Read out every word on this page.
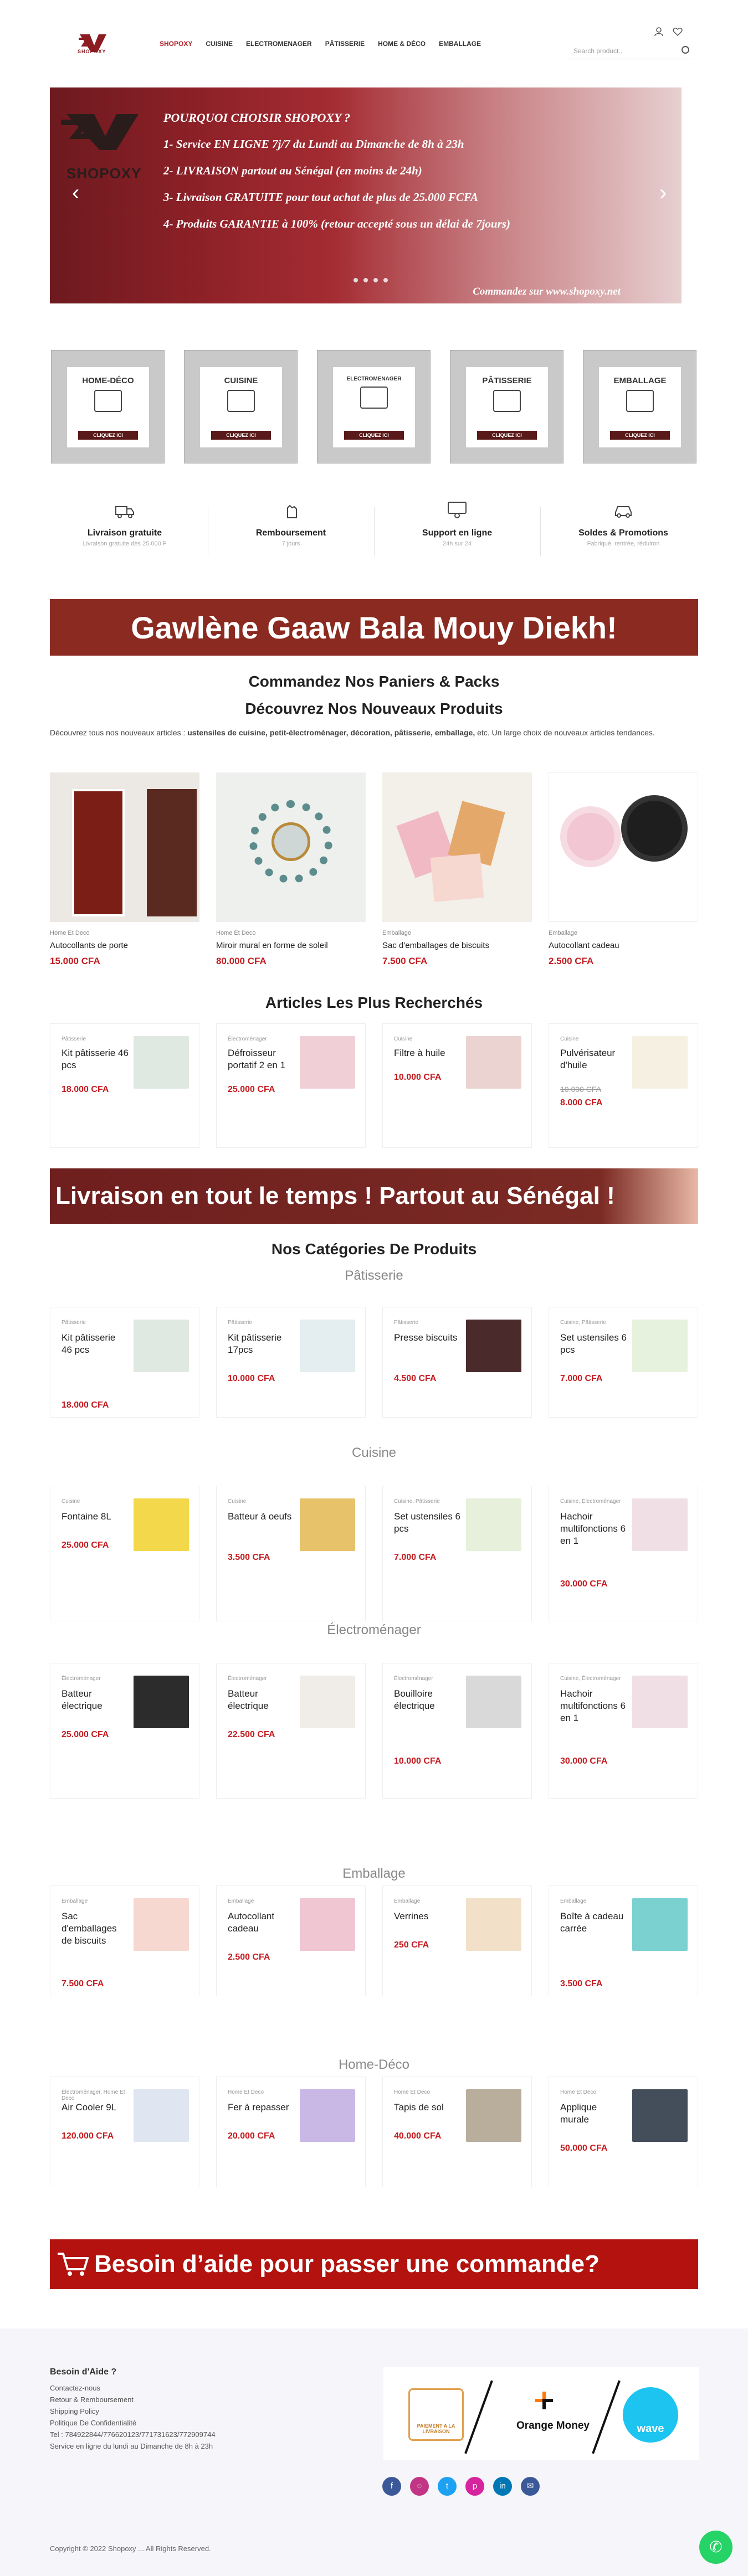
SHOPOXY
SHOPOXY CUISINE ELECTROMENAGER PÂTISSERIE HOME & DÉCO EMBALLAGE
Search product..
SHOPOXY
POURQUOI CHOISIR SHOPOXY ?
1- Service EN LIGNE 7j/7 du Lundi au Dimanche de 8h à 23h
2- LIVRAISON partout au Sénégal (en moins de 24h)
3- Livraison GRATUITE pour tout achat de plus de 25.000 FCFA
4- Produits GARANTIE à 100% (retour accepté sous un délai de 7jours)
‹	›
Commandez sur www.shopoxy.net
HOME-DÉCO
CLIQUEZ ICI
CUISINE
CLIQUEZ ICI
ELECTROMENAGER
CLIQUEZ ICI
PÂTISSERIE
CLIQUEZ ICI
EMBALLAGE
CLIQUEZ ICI
Livraison gratuite
Livraison gratuite dès 25.000 F
Remboursement
7 jours
Support en ligne
24h sur 24
Soldes & Promotions
Fabriqué, rentrée, réduiron
Gawlène Gaaw Bala Mouy Diekh!
Commandez Nos Paniers & Packs
Découvrez Nos Nouveaux Produits
Découvrez tous nos nouveaux articles : ustensiles de cuisine, petit-électroménager, décoration, pâtisserie, emballage, etc. Un large choix de nouveaux articles tendances.
Home Et Deco
Autocollants de porte
15.000 CFA
Home Et Deco
Miroir mural en forme de soleil
80.000 CFA
Emballage
Sac d'emballages de biscuits
7.500 CFA
Emballage
Autocollant cadeau
2.500 CFA
Articles Les Plus Recherchés
Pâtisserie
Kit pâtisserie 46 pcs
18.000 CFA
Électroménager
Défroisseur portatif 2 en 1
25.000 CFA
Cuisine
Filtre à huile
10.000 CFA
Cuisine
Pulvérisateur d'huile
10.000 CFA
8.000 CFA
Livraison en tout le temps ! Partout au Sénégal !
Nos Catégories De Produits
Pâtisserie
Pâtisserie
Kit pâtisserie 46 pcs
18.000 CFA
Pâtisserie
Kit pâtisserie 17pcs
10.000 CFA
Pâtisserie
Presse biscuits
4.500 CFA
Cuisine, Pâtisserie
Set ustensiles 6 pcs
7.000 CFA
Cuisine
Cuisine
Fontaine 8L
25.000 CFA
Cuisine
Batteur à oeufs
3.500 CFA
Cuisine, Pâtisserie
Set ustensiles 6 pcs
7.000 CFA
Cuisine, Électroménager
Hachoir multifonctions 6 en 1
30.000 CFA
Électroménager
Électroménager
Batteur électrique
25.000 CFA
Électroménager
Batteur électrique
22.500 CFA
Électroménager
Bouilloire électrique
10.000 CFA
Cuisine, Électroménager
Hachoir multifonctions 6 en 1
30.000 CFA
Emballage
Emballage
Sac d'emballages de biscuits
7.500 CFA
Emballage
Autocollant cadeau
2.500 CFA
Emballage
Verrines
250 CFA
Emballage
Boîte à cadeau carrée
3.500 CFA
Home-Déco
Électroménager, Home Et Deco
Air Cooler 9L
120.000 CFA
Home Et Deco
Fer à repasser
20.000 CFA
Home Et Deco
Tapis de sol
40.000 CFA
Home Et Deco
Applique murale
50.000 CFA
Besoin d’aide pour passer une commande?
Besoin d'Aide ?
Contactez-nous
Retour & Remboursement
Shipping Policy
Politique De Confidentialité
Tel : 784922844/776620123/771731623/772909744
Service en ligne du lundi au Dimanche de 8h à 23h
PAIEMENT A LA LIVRAISON	Orange Money	wave
f	◌	t	p	in	✉
Copyright © 2022 Shopoxy ... All Rights Reserved.	✆
